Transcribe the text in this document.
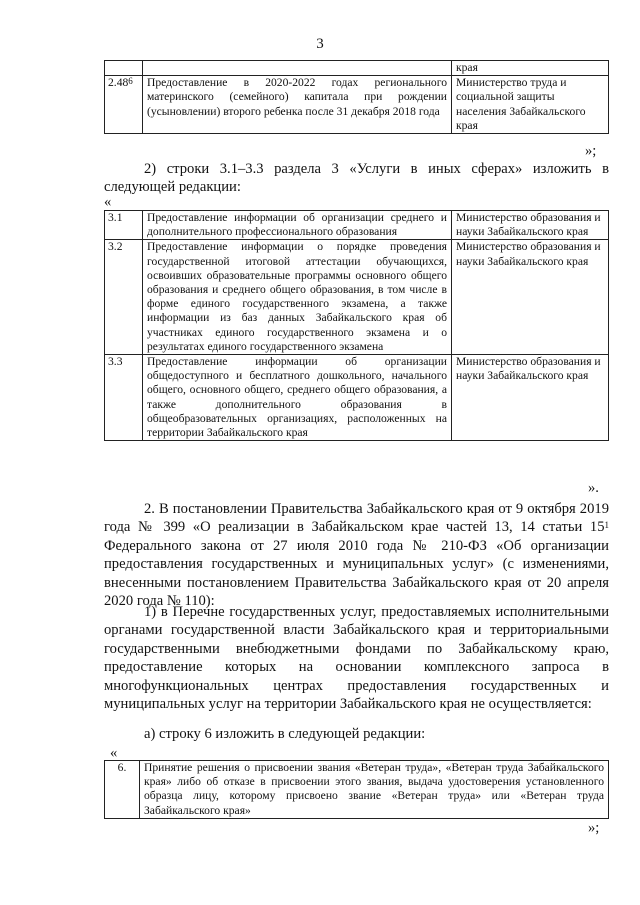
3
		края
2.48$^6$	Предоставление в 2020-2022 годах регионального материнского (семейного) капитала при рождении (усыновлении) второго ребенка после 31 декабря 2018 года	Министерство труда и социальной защиты населения Забайкальского края
»;

2) строки 3.1–3.3 раздела 3 «Услуги в иных сферах» изложить в следующей редакции:

«
3.1	Предоставление информации об организации среднего и дополнительного профессионального образования	Министерство образования и науки Забайкальского края
3.2	Предоставление информации о порядке проведения государственной итоговой аттестации обучающихся, освоивших образовательные программы основного общего образования и среднего общего образования, в том числе в форме единого государственного экзамена, а также информации из баз данных Забайкальского края об участниках единого государственного экзамена и о результатах единого государственного экзамена	Министерство образования и науки Забайкальского края
3.3	Предоставление информации об организации общедоступного и бесплатного дошкольного, начального общего, основного общего, среднего общего образования, а также дополнительного образования в общеобразовательных организациях, расположенных на территории Забайкальского края	Министерство образования и науки Забайкальского края
».

2. В постановлении Правительства Забайкальского края от 9 октября 2019 года № 399 «О реализации в Забайкальском крае частей 13, 14 статьи $15^1$ Федерального закона от 27 июля 2010 года № 210-ФЗ «Об организации предоставления государственных и муниципальных услуг» (с изменениями, внесенными постановлением Правительства Забайкальского края от 20 апреля 2020 года № 110):

1) в Перечне государственных услуг, предоставляемых исполнительными органами государственной власти Забайкальского края и территориальными государственными внебюджетными фондами по Забайкальскому краю, предоставление которых на основании комплексного запроса в многофункциональных центрах предоставления государственных и муниципальных услуг на территории Забайкальского края не осуществляется:

а) строку 6 изложить в следующей редакции:

«
6.	Принятие решения о присвоении звания «Ветеран труда», «Ветеран труда Забайкальского края» либо об отказе в присвоении этого звания, выдача удостоверения установленного образца лицу, которому присвоено звание «Ветеран труда» или «Ветеран труда Забайкальского края»
»;
